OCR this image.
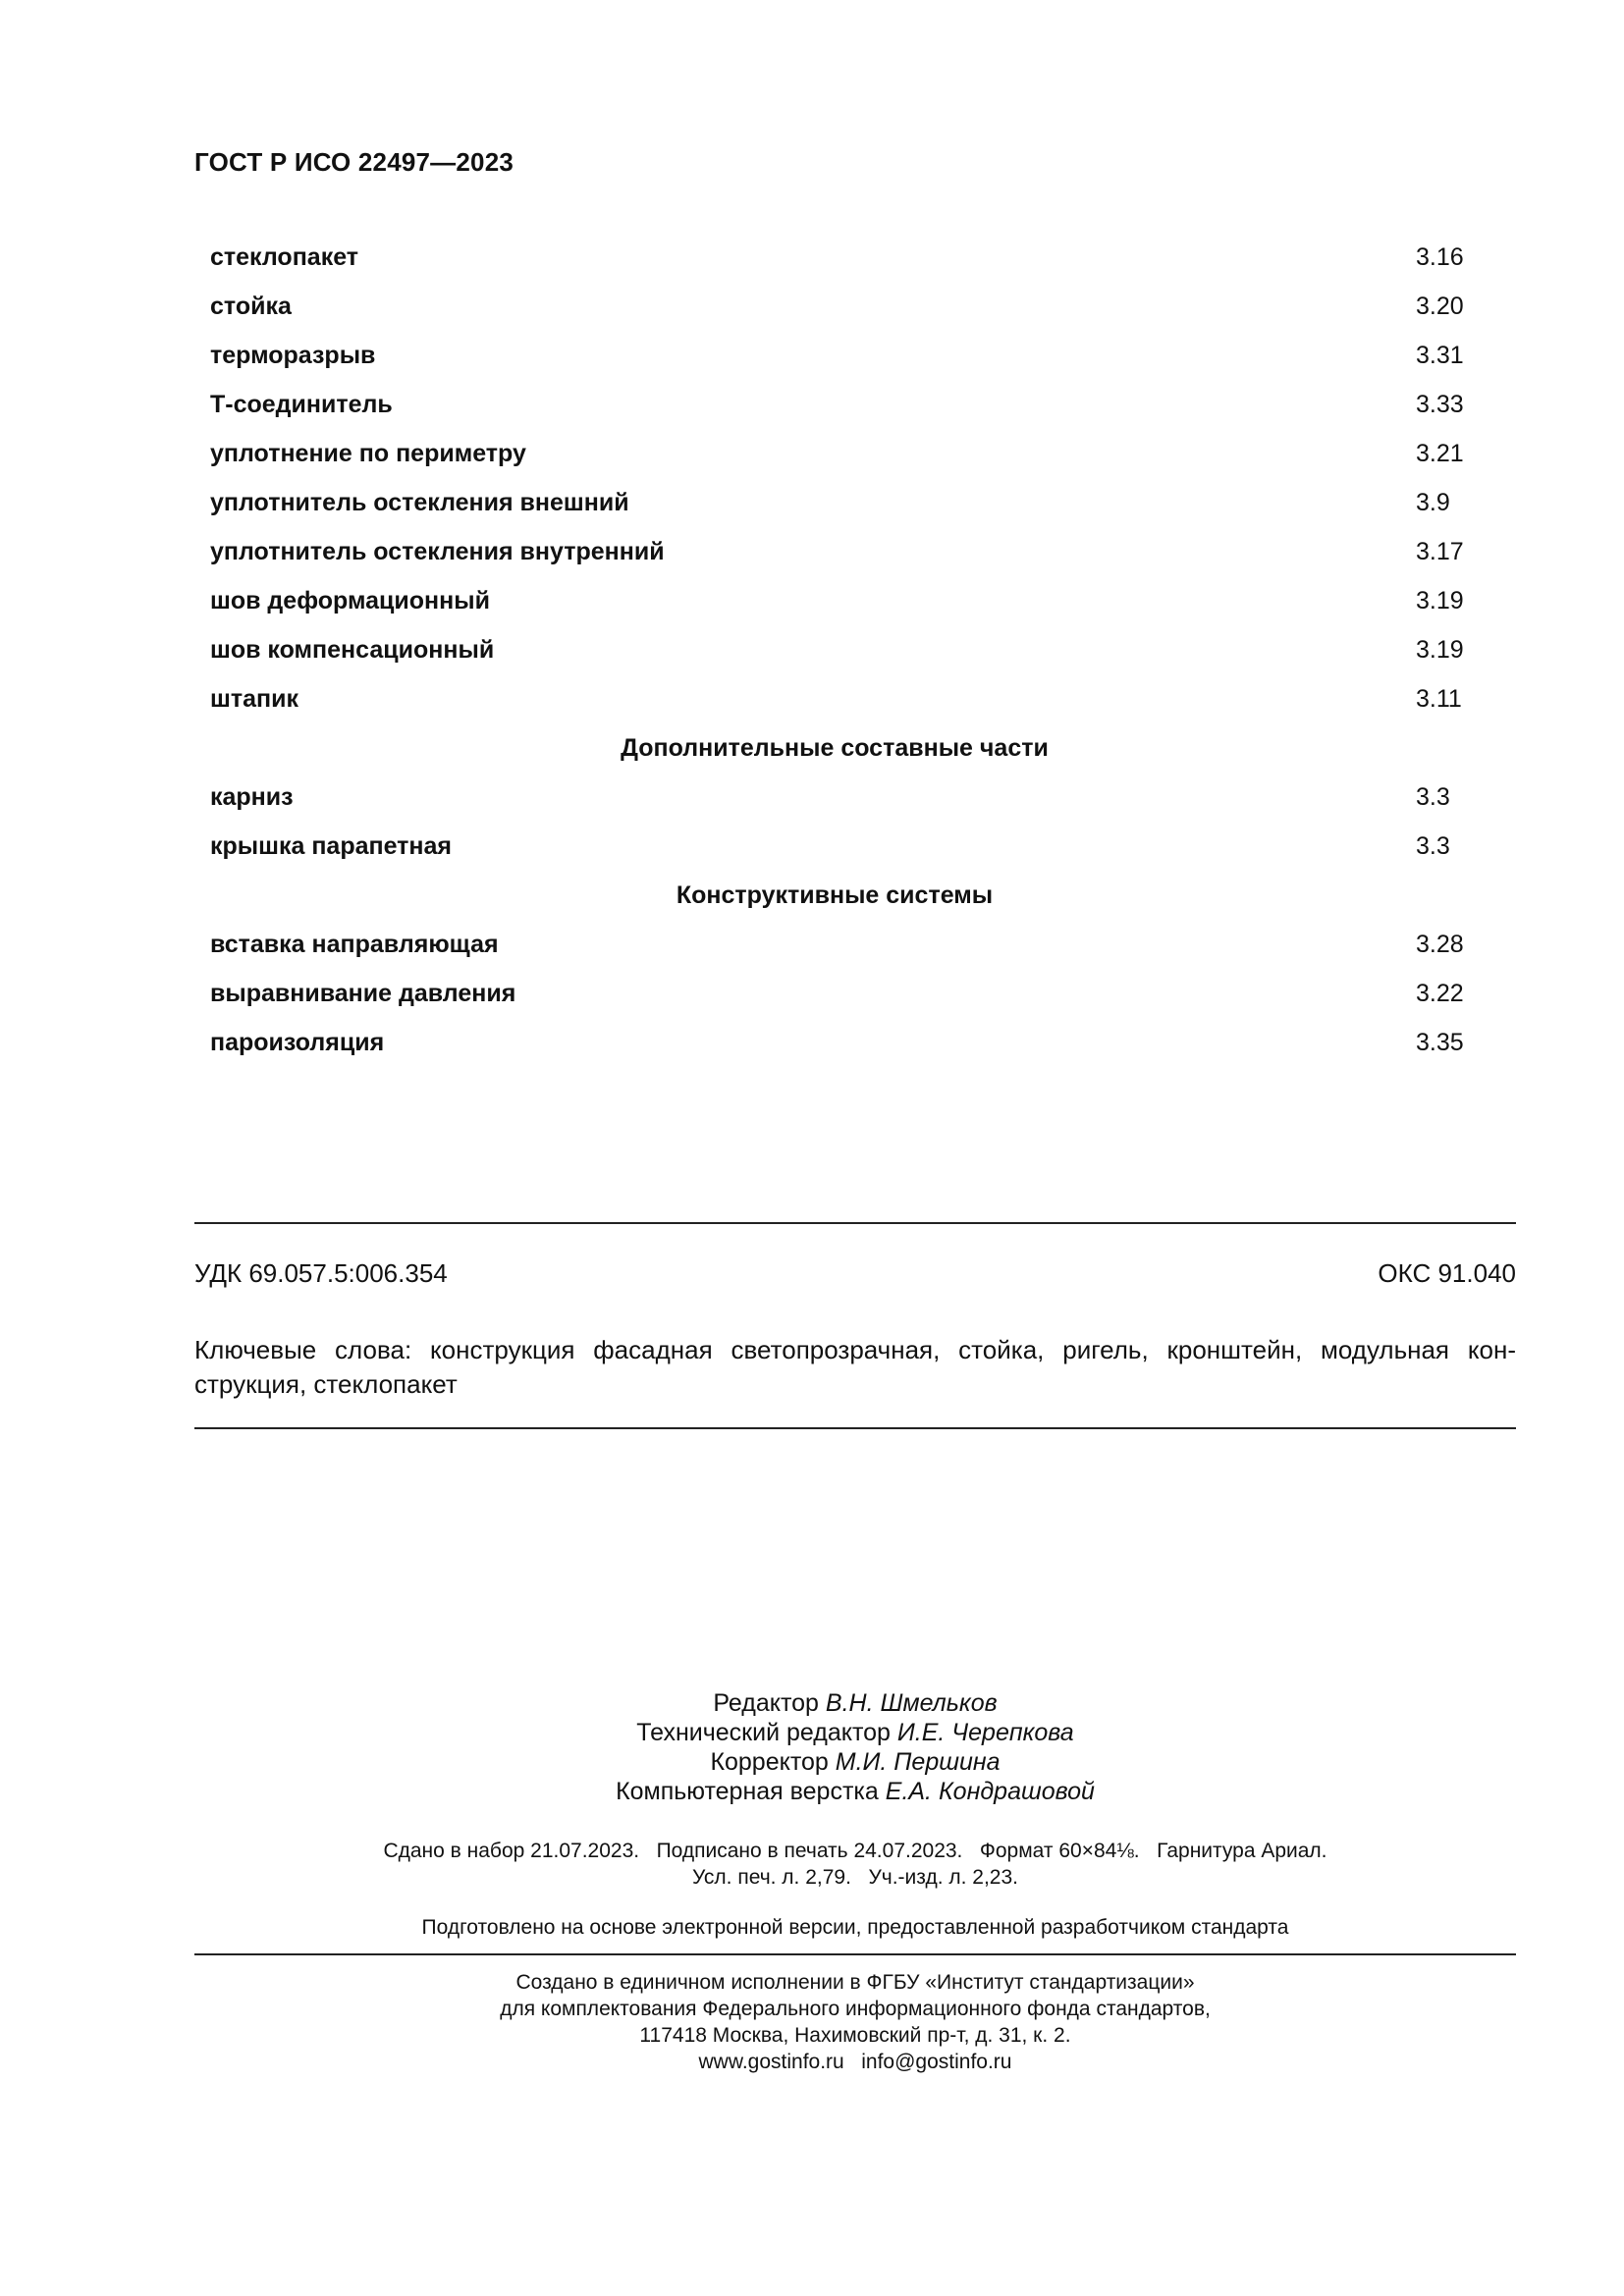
ГОСТ Р ИСО 22497—2023
стеклопакет	3.16
стойка	3.20
терморазрыв	3.31
Т-соединитель	3.33
уплотнение по периметру	3.21
уплотнитель остекления внешний	3.9
уплотнитель остекления внутренний	3.17
шов деформационный	3.19
шов компенсационный	3.19
штапик	3.11
Дополнительные составные части
карниз	3.3
крышка парапетная	3.3
Конструктивные системы
вставка направляющая	3.28
выравнивание давления	3.22
пароизоляция	3.35
УДК 69.057.5:006.354	ОКС 91.040
Ключевые слова: конструкция фасадная светопрозрачная, стойка, ригель, кронштейн, модульная кон-струкция, стеклопакет
Редактор В.Н. Шмельков
Технический редактор И.Е. Черепкова
Корректор М.И. Першина
Компьютерная верстка Е.А. Кондрашовой
Сдано в набор 21.07.2023.   Подписано в печать 24.07.2023.   Формат 60×84⅛.   Гарнитура Ариал.
Усл. печ. л. 2,79.   Уч.-изд. л. 2,23.
Подготовлено на основе электронной версии, предоставленной разработчиком стандарта
Создано в единичном исполнении в ФГБУ «Институт стандартизации»
для комплектования Федерального информационного фонда стандартов,
117418 Москва, Нахимовский пр-т, д. 31, к. 2.
www.gostinfo.ru info@gostinfo.ru
